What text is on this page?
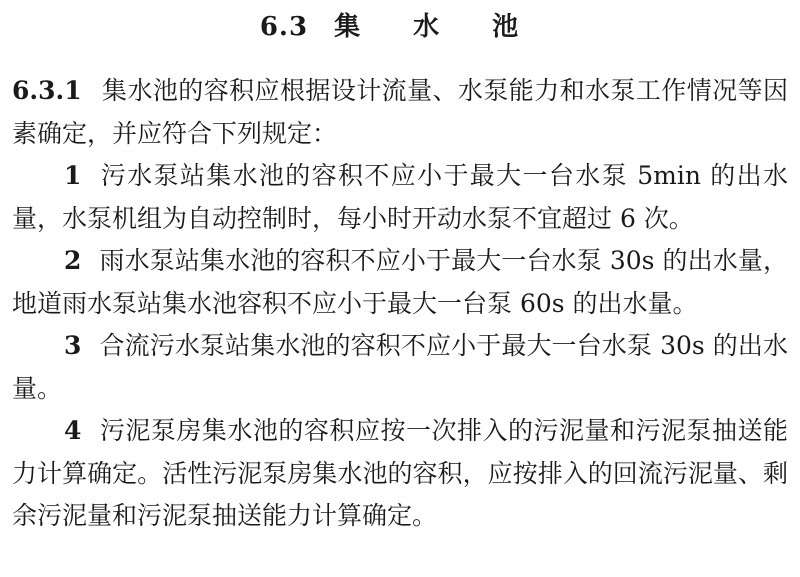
6.3 集 水 池

6.3.1 集水池的容积应根据设计流量、水泵能力和水泵工作情况等因素确定，并应符合下列规定：

1 污水泵站集水池的容积不应小于最大一台水泵 5min 的出水量，水泵机组为自动控制时，每小时开动水泵不宜超过 6 次。

2 雨水泵站集水池的容积不应小于最大一台水泵 30s 的出水量，地道雨水泵站集水池容积不应小于最大一台泵 60s 的出水量。

3 合流污水泵站集水池的容积不应小于最大一台水泵 30s 的出水量。

4 污泥泵房集水池的容积应按一次排入的污泥量和污泥泵抽送能力计算确定。活性污泥泵房集水池的容积，应按排入的回流污泥量、剩余污泥量和污泥泵抽送能力计算确定。
